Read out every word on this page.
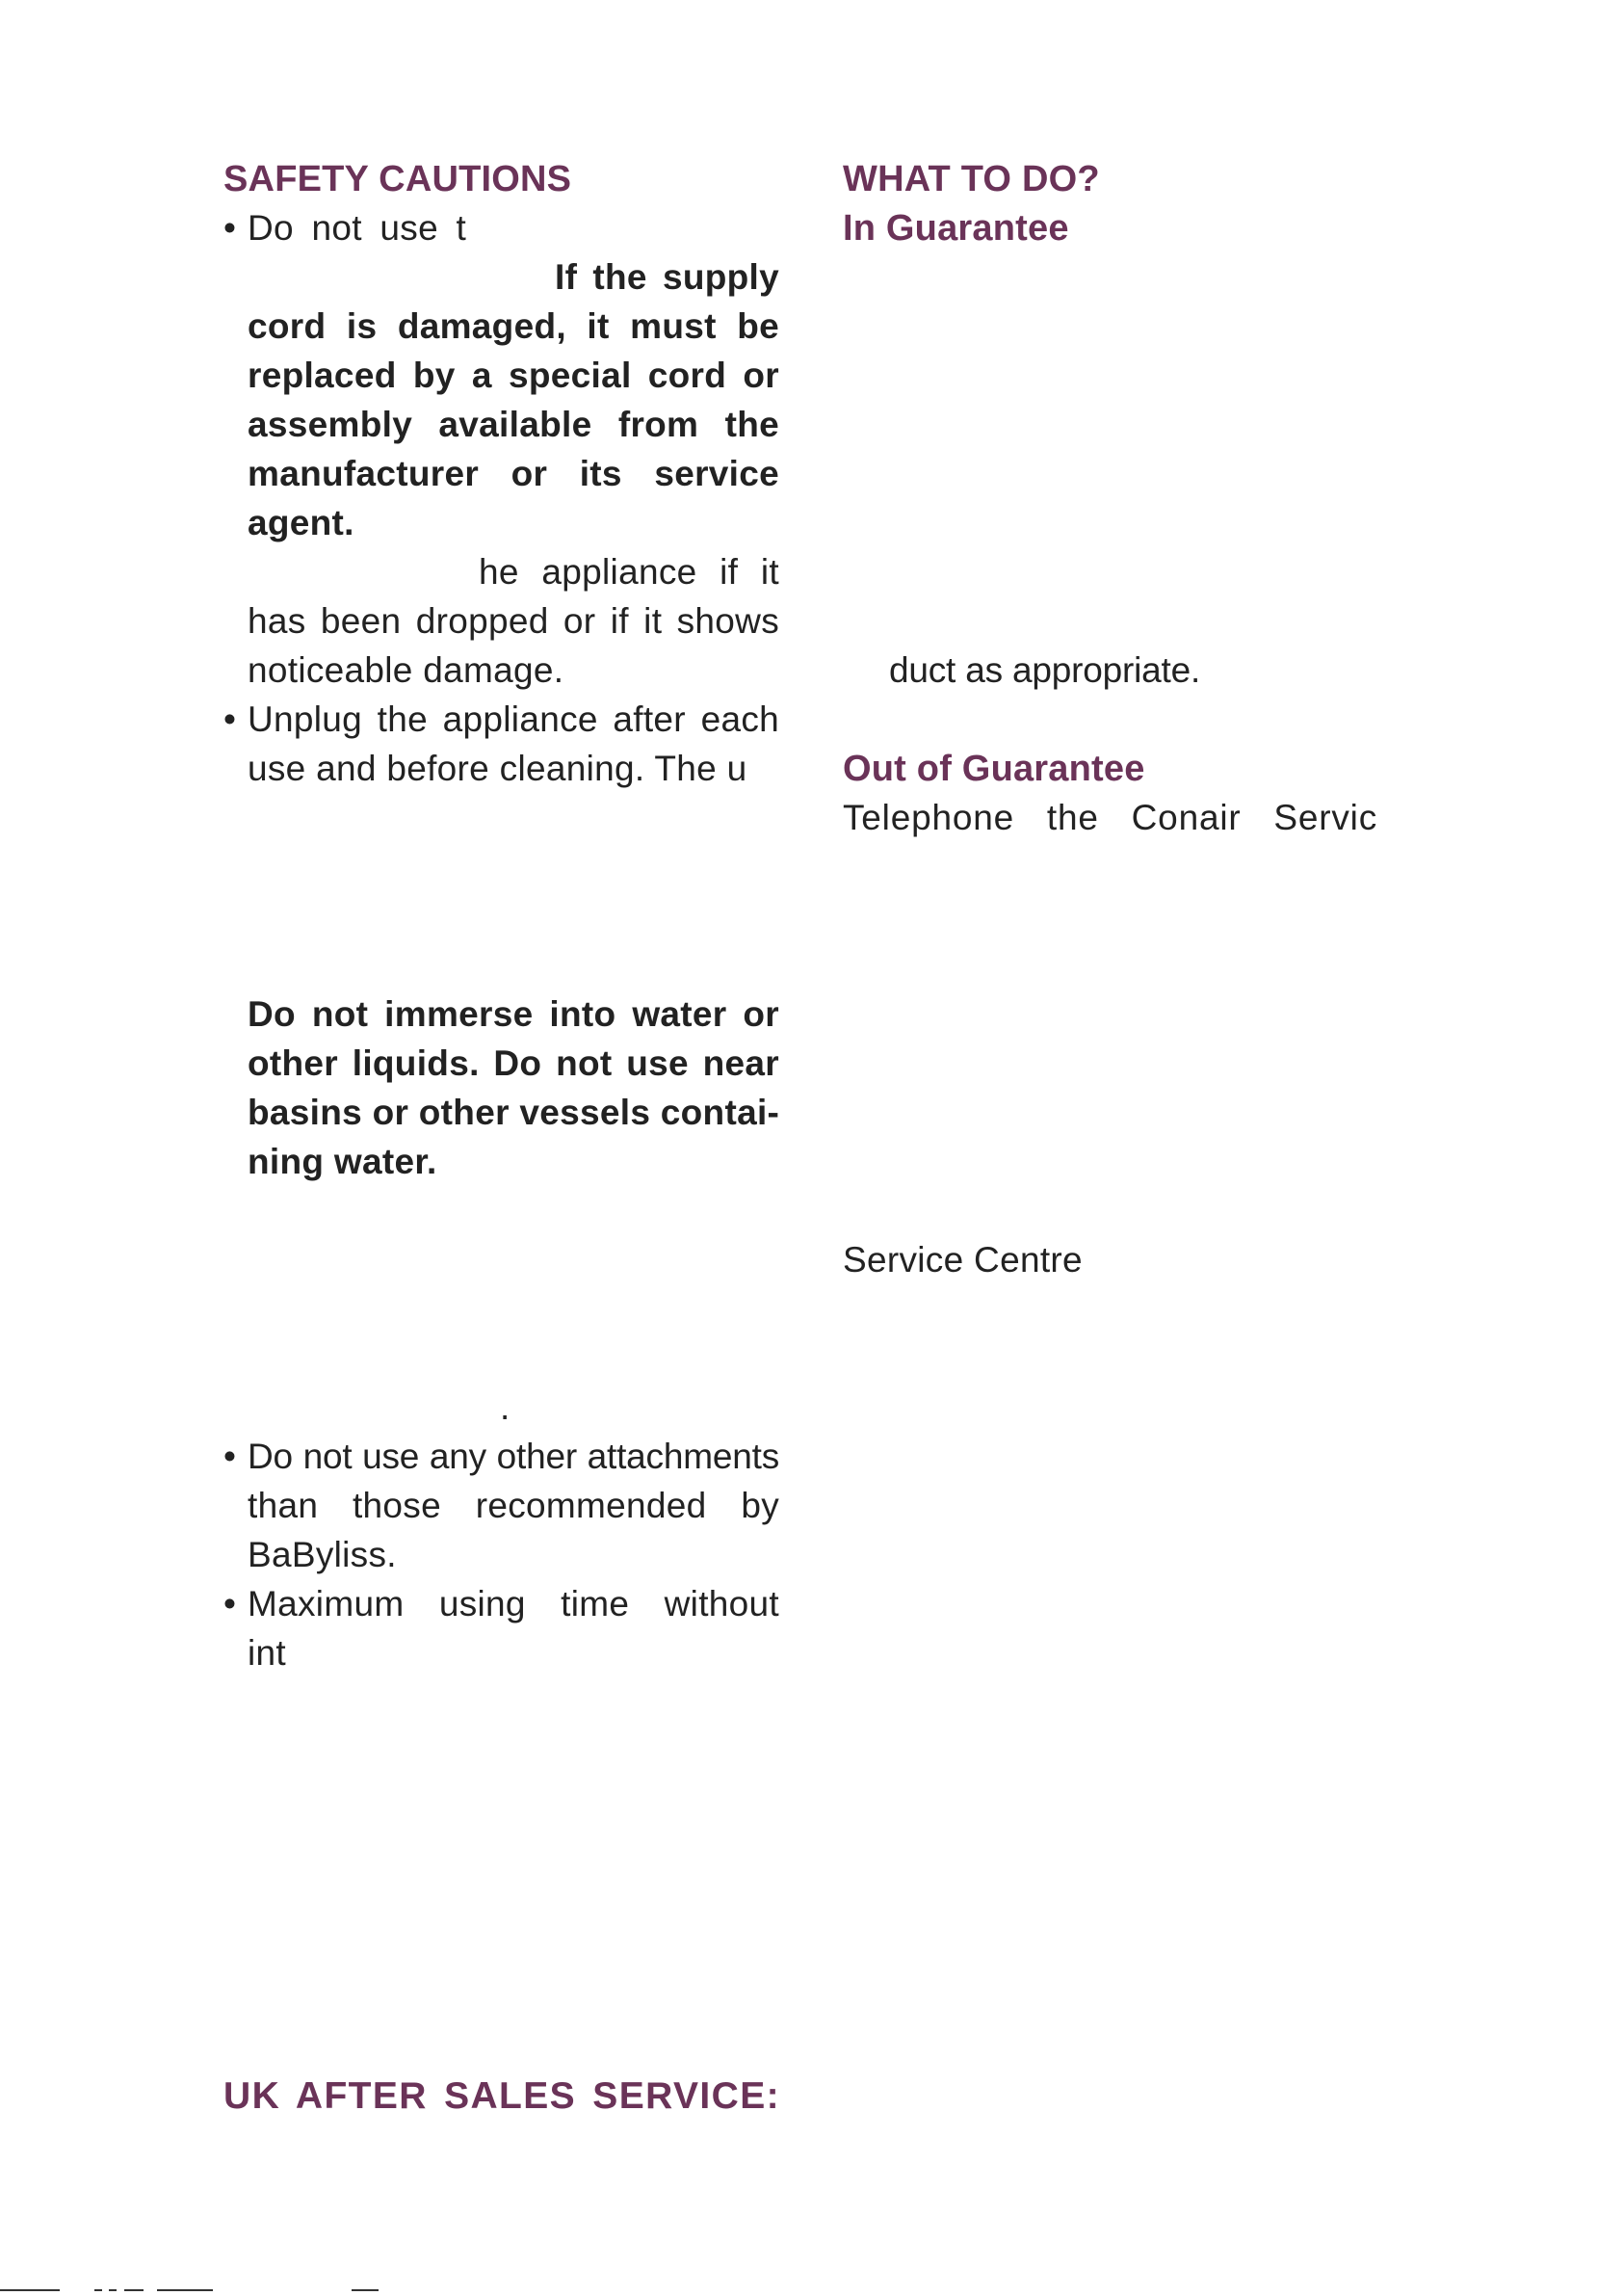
SAFETY CAUTIONS
• Do not use t
If the supply
cord is damaged, it must be
replaced by a special cord or
assembly available from the
manufacturer or its service
agent.
he appliance if it
has been dropped or if it shows
noticeable damage.
• Unplug the appliance after each
use and before cleaning. The u
Do not immerse into water or
other liquids. Do not use near
basins or other vessels contai-
ning water.
.
• Do not use any other attachments
than those recommended by
BaByliss.
• Maximum using time without
int
UK AFTER SALES SERVICE:
WHAT TO DO?
In Guarantee
duct as appropriate.
Out of Guarantee
Telephone the Conair Servic
Service Centre
